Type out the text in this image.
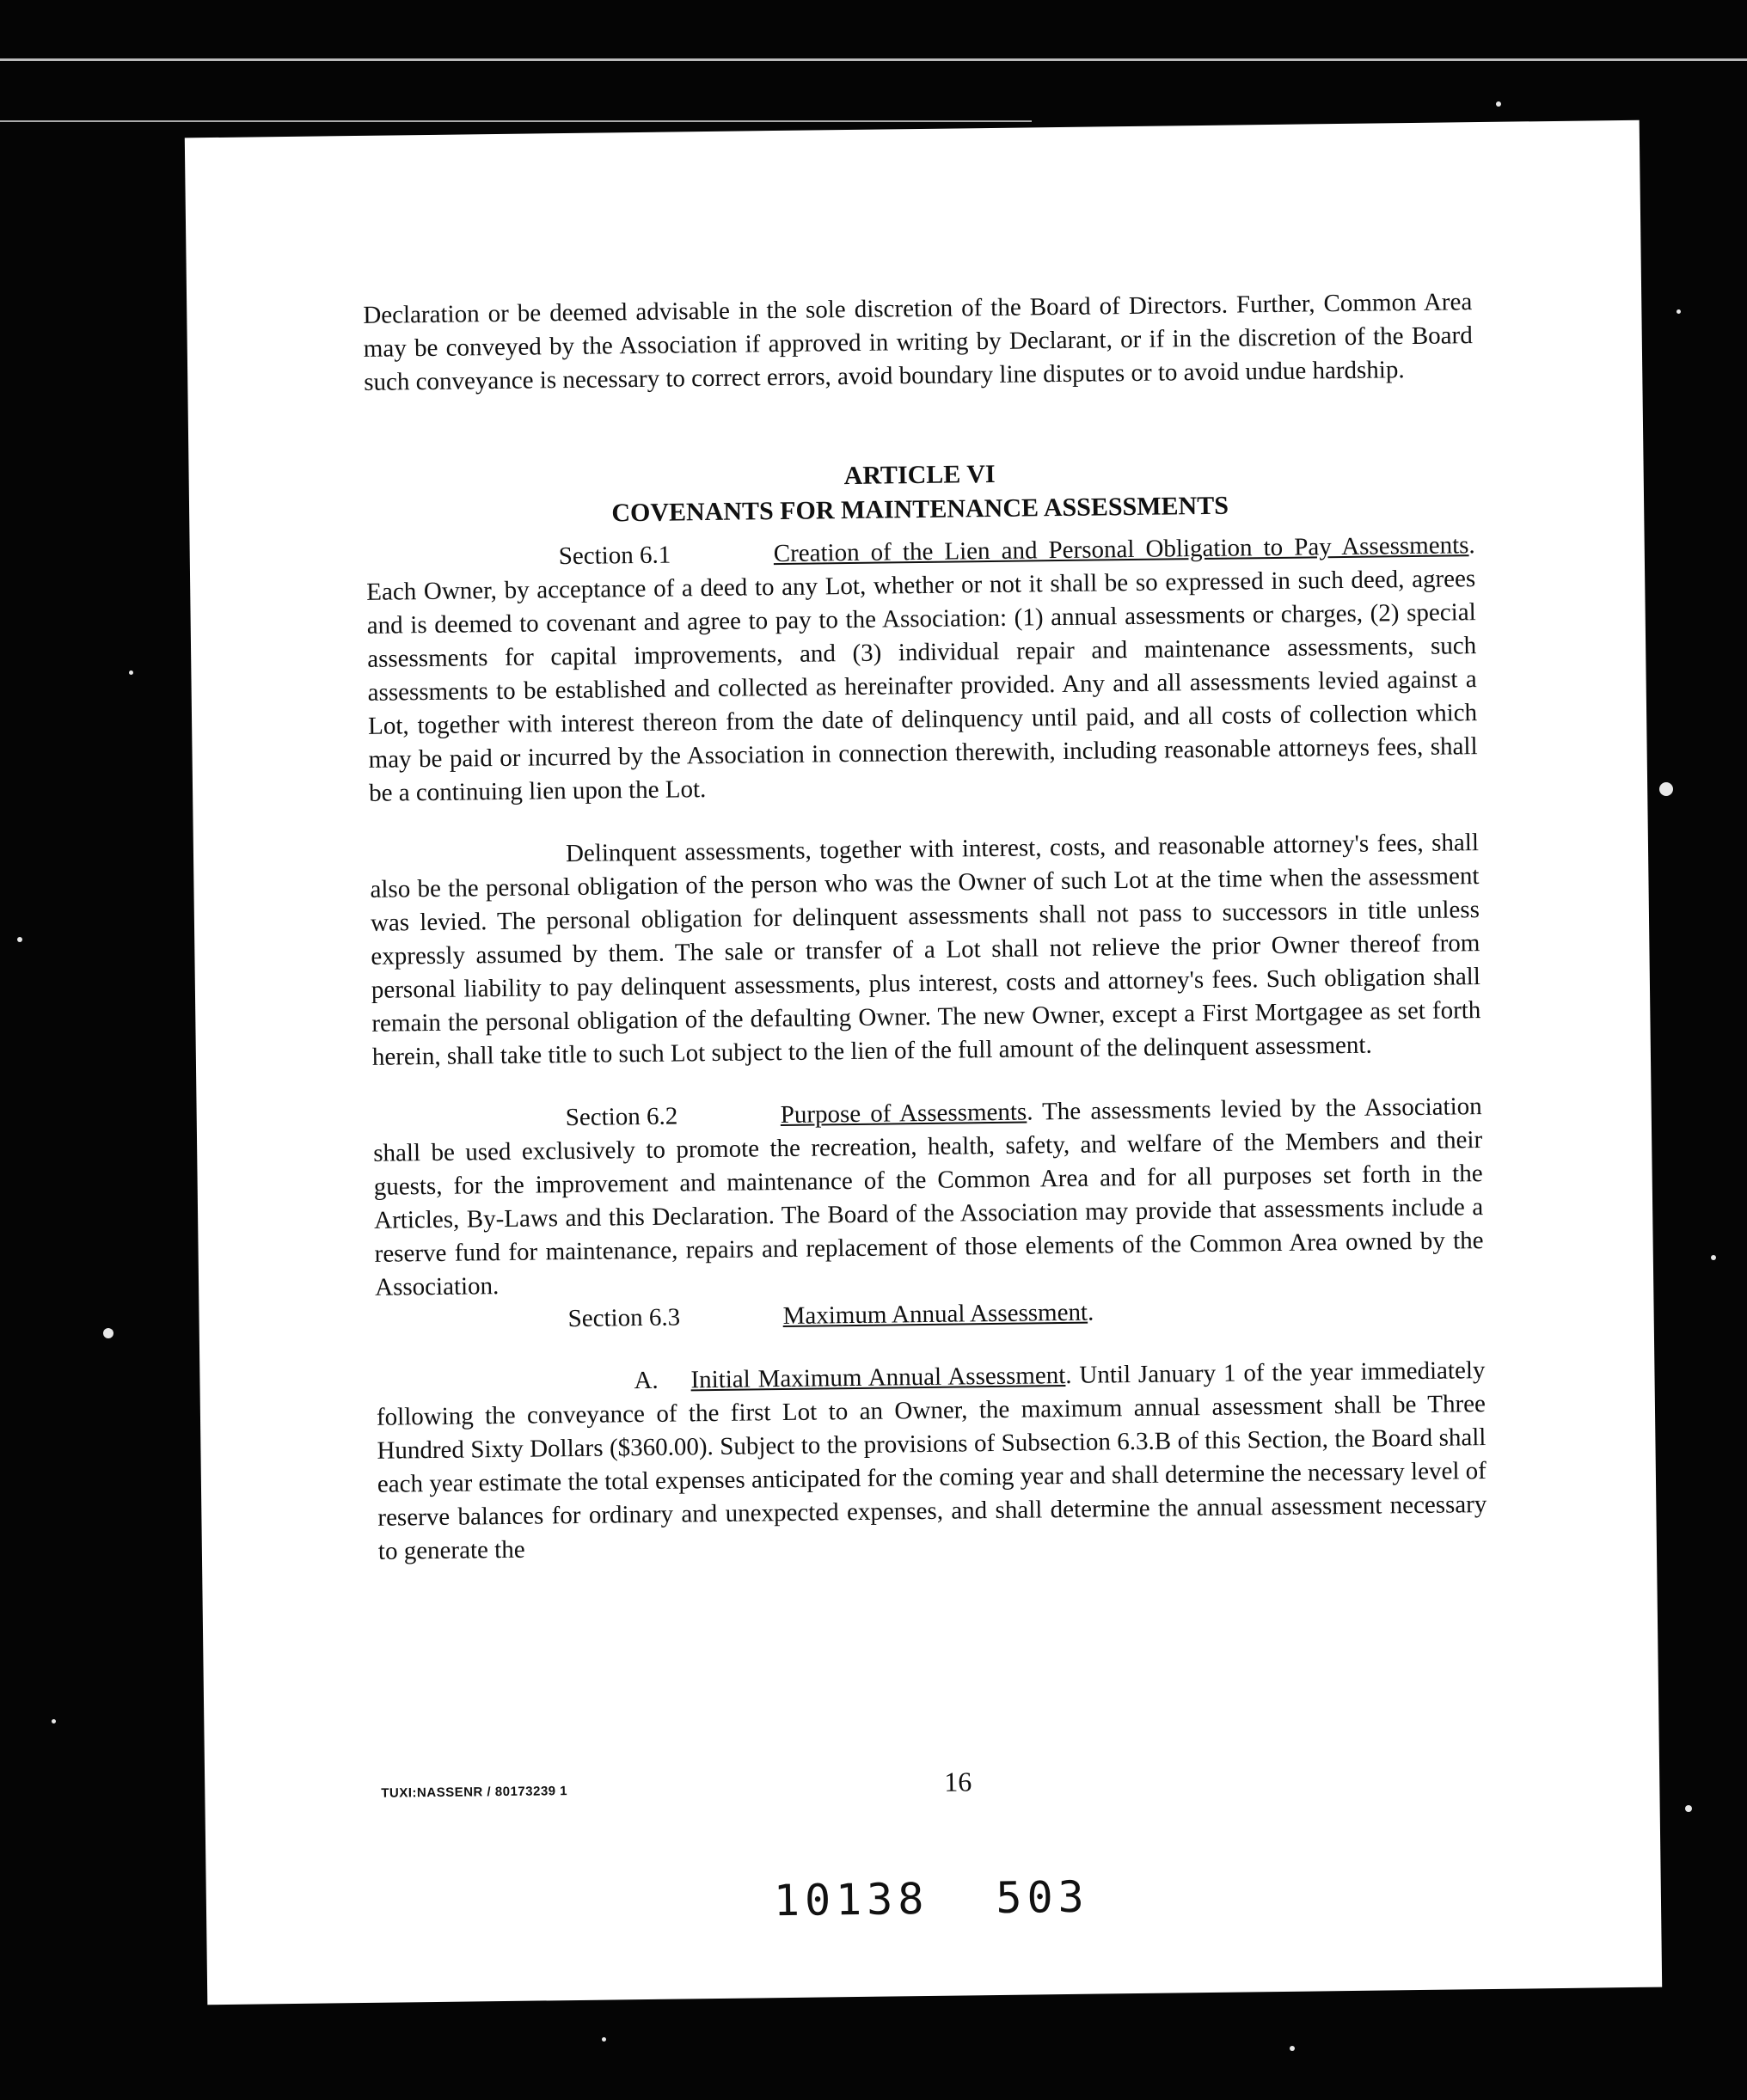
Declaration or be deemed advisable in the sole discretion of the Board of Directors. Further, Common Area may be conveyed by the Association if approved in writing by Declarant, or if in the discretion of the Board such conveyance is necessary to correct errors, avoid boundary line disputes or to avoid undue hardship.

ARTICLE VI
COVENANTS FOR MAINTENANCE ASSESSMENTS

Section 6.1	Creation of the Lien and Personal Obligation to Pay Assessments. Each Owner, by acceptance of a deed to any Lot, whether or not it shall be so expressed in such deed, agrees and is deemed to covenant and agree to pay to the Association: (1) annual assessments or charges, (2) special assessments for capital improvements, and (3) individual repair and maintenance assessments, such assessments to be established and collected as hereinafter provided. Any and all assessments levied against a Lot, together with interest thereon from the date of delinquency until paid, and all costs of collection which may be paid or incurred by the Association in connection therewith, including reasonable attorneys fees, shall be a continuing lien upon the Lot.

Delinquent assessments, together with interest, costs, and reasonable attorney's fees, shall also be the personal obligation of the person who was the Owner of such Lot at the time when the assessment was levied. The personal obligation for delinquent assessments shall not pass to successors in title unless expressly assumed by them. The sale or transfer of a Lot shall not relieve the prior Owner thereof from personal liability to pay delinquent assessments, plus interest, costs and attorney's fees. Such obligation shall remain the personal obligation of the defaulting Owner. The new Owner, except a First Mortgagee as set forth herein, shall take title to such Lot subject to the lien of the full amount of the delinquent assessment.

Section 6.2	Purpose of Assessments. The assessments levied by the Association shall be used exclusively to promote the recreation, health, safety, and welfare of the Members and their guests, for the improvement and maintenance of the Common Area and for all purposes set forth in the Articles, By-Laws and this Declaration. The Board of the Association may provide that assessments include a reserve fund for maintenance, repairs and replacement of those elements of the Common Area owned by the Association.

Section 6.3	Maximum Annual Assessment.

A. Initial Maximum Annual Assessment. Until January 1 of the year immediately following the conveyance of the first Lot to an Owner, the maximum annual assessment shall be Three Hundred Sixty Dollars ($360.00). Subject to the provisions of Subsection 6.3.B of this Section, the Board shall each year estimate the total expenses anticipated for the coming year and shall determine the necessary level of reserve balances for ordinary and unexpected expenses, and shall determine the annual assessment necessary to generate the

TUXI:NASSENR / 80173239 1	16
10138 503
